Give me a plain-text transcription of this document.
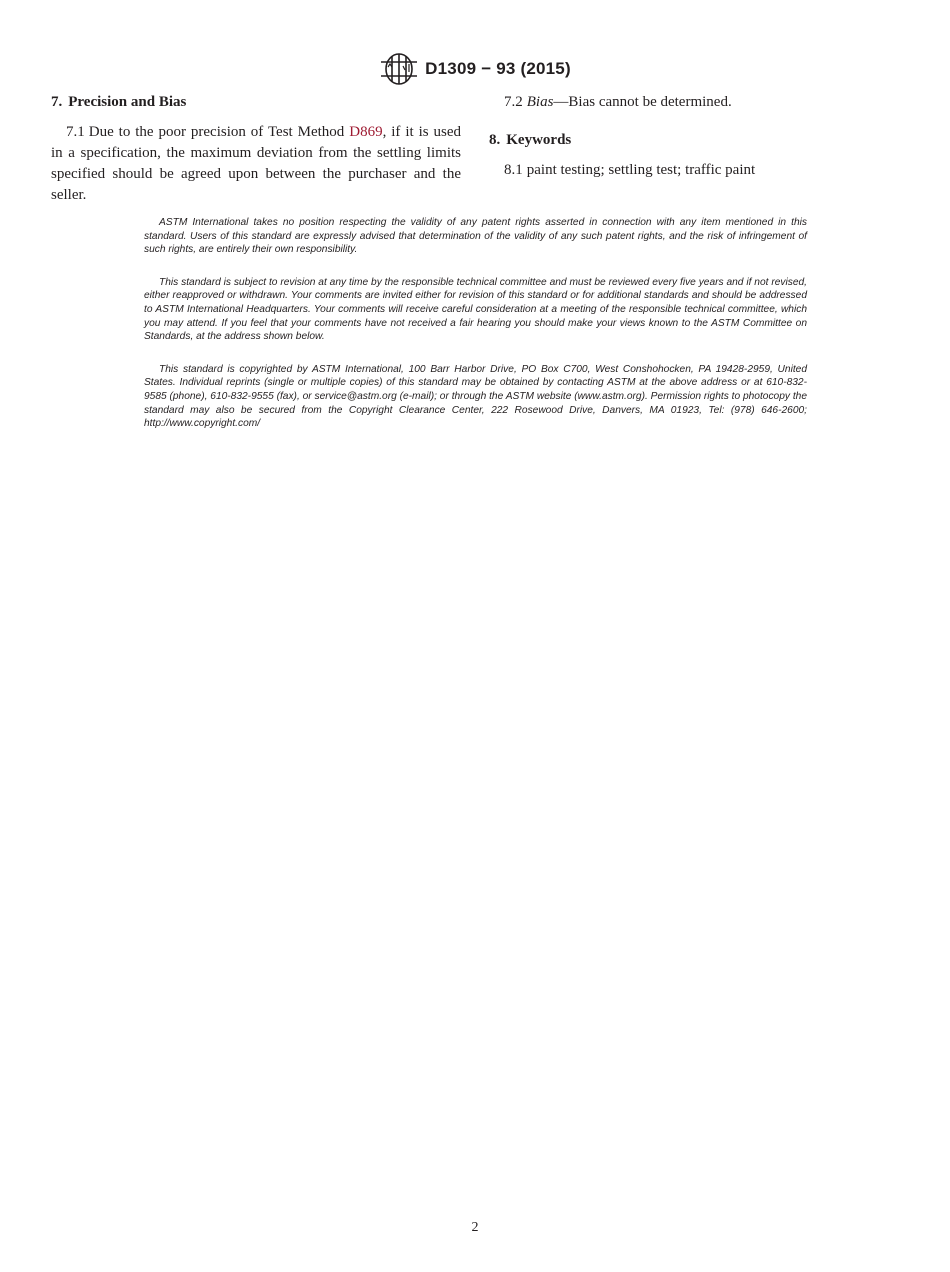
D1309 − 93 (2015)
7. Precision and Bias

7.1 Due to the poor precision of Test Method D869, if it is used in a specification, the maximum deviation from the settling limits specified should be agreed upon between the purchaser and the seller.

7.2 Bias—Bias cannot be determined.

8. Keywords

8.1 paint testing; settling test; traffic paint

ASTM International takes no position respecting the validity of any patent rights asserted in connection with any item mentioned in this standard. Users of this standard are expressly advised that determination of the validity of any such patent rights, and the risk of infringement of such rights, are entirely their own responsibility.

This standard is subject to revision at any time by the responsible technical committee and must be reviewed every five years and if not revised, either reapproved or withdrawn. Your comments are invited either for revision of this standard or for additional standards and should be addressed to ASTM International Headquarters. Your comments will receive careful consideration at a meeting of the responsible technical committee, which you may attend. If you feel that your comments have not received a fair hearing you should make your views known to the ASTM Committee on Standards, at the address shown below.

This standard is copyrighted by ASTM International, 100 Barr Harbor Drive, PO Box C700, West Conshohocken, PA 19428-2959, United States. Individual reprints (single or multiple copies) of this standard may be obtained by contacting ASTM at the above address or at 610-832-9585 (phone), 610-832-9555 (fax), or service@astm.org (e-mail); or through the ASTM website (www.astm.org). Permission rights to photocopy the standard may also be secured from the Copyright Clearance Center, 222 Rosewood Drive, Danvers, MA 01923, Tel: (978) 646-2600; http://www.copyright.com/

2
